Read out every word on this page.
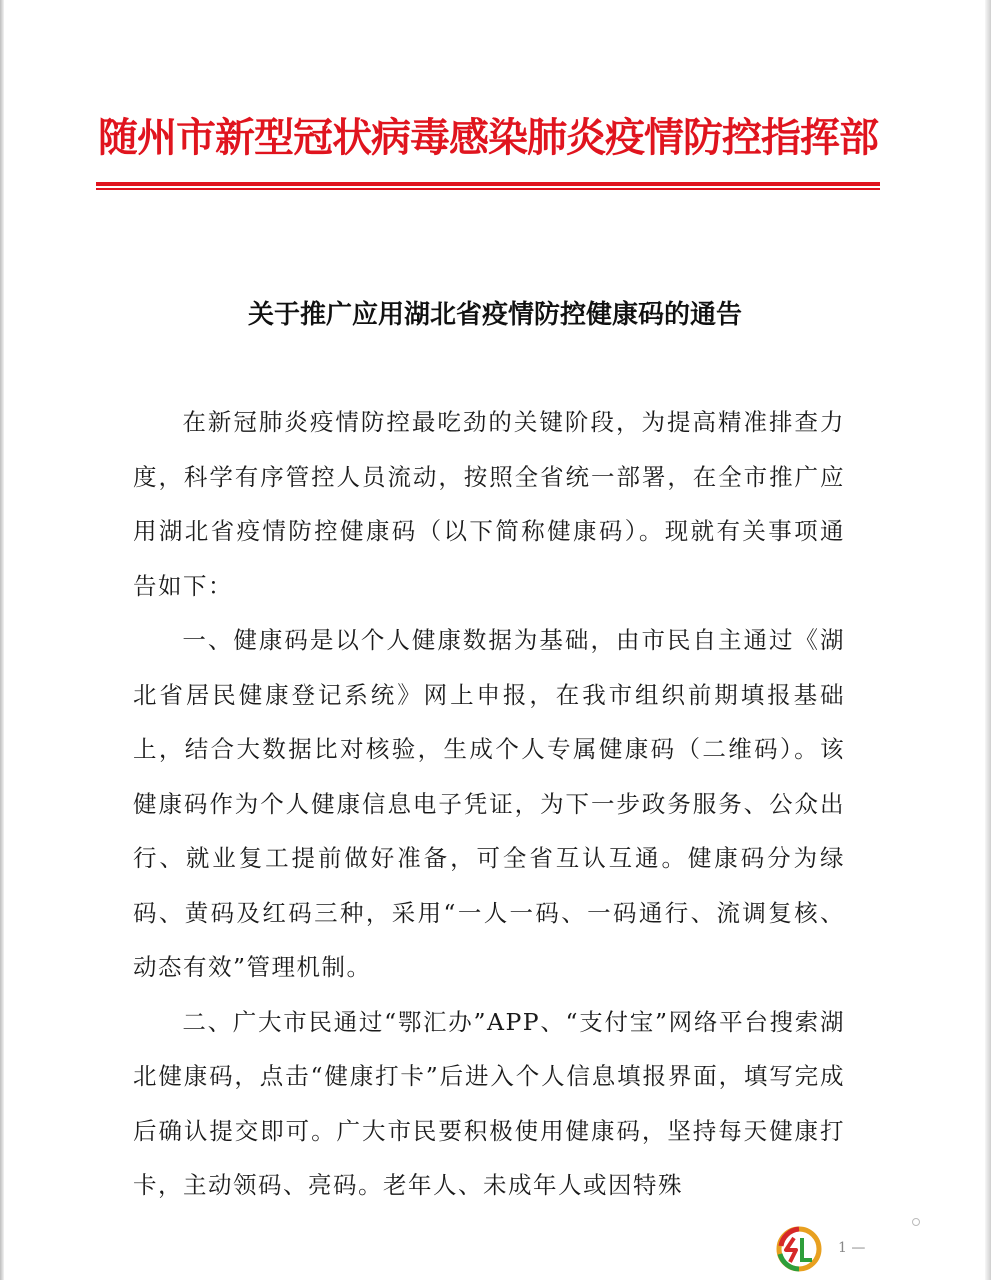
随州市新型冠状病毒感染肺炎疫情防控指挥部
关于推广应用湖北省疫情防控健康码的通告

在新冠肺炎疫情防控最吃劲的关键阶段，为提高精准排查力度，科学有序管控人员流动，按照全省统一部署，在全市推广应用湖北省疫情防控健康码（以下简称健康码）。现就有关事项通告如下：

一、健康码是以个人健康数据为基础，由市民自主通过《湖北省居民健康登记系统》网上申报，在我市组织前期填报基础上，结合大数据比对核验，生成个人专属健康码（二维码）。该健康码作为个人健康信息电子凭证，为下一步政务服务、公众出行、就业复工提前做好准备，可全省互认互通。健康码分为绿码、黄码及红码三种，采用“一人一码、一码通行、流调复核、动态有效”管理机制。

二、广大市民通过“鄂汇办”APP、“支付宝”网络平台搜索湖北健康码，点击“健康打卡”后进入个人信息填报界面，填写完成后确认提交即可。广大市民要积极使用健康码，坚持每天健康打卡，主动领码、亮码。老年人、未成年人或因特殊

1 —
